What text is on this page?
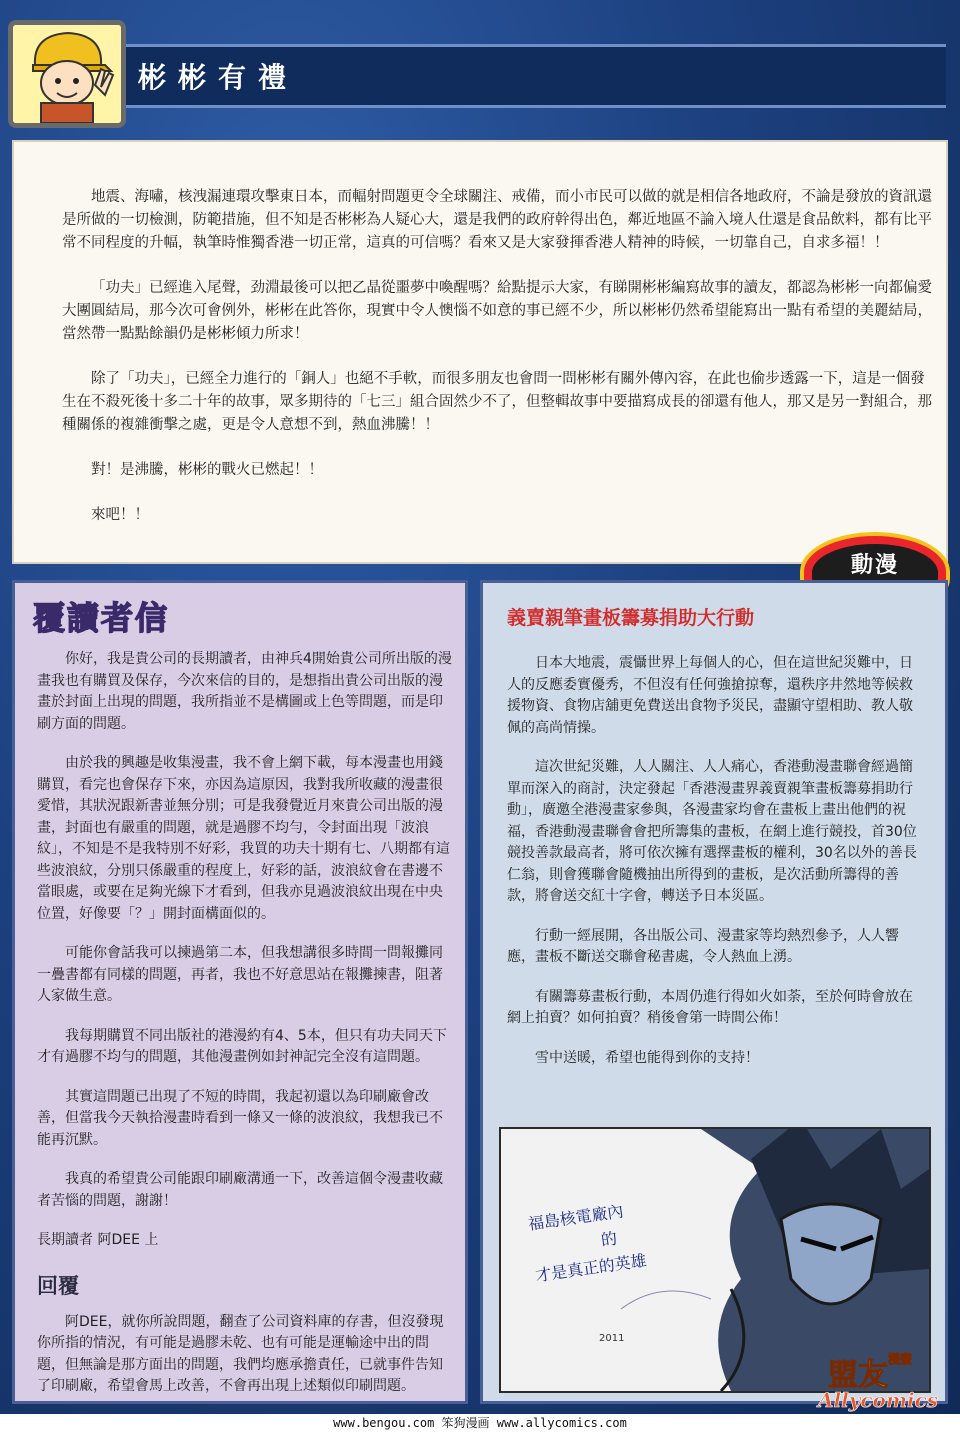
彬彬有禮

地震、海嘯，核洩漏連環攻擊東日本，而輻射問題更令全球關注、戒備，而小市民可以做的就是相信各地政府，不論是發放的資訊還是所做的一切檢測，防範措施，但不知是否彬彬為人疑心大，還是我們的政府幹得出色，鄰近地區不論入境人仕還是食品飲料，都有比平常不同程度的升幅，執筆時惟獨香港一切正常，這真的可信嗎？看來又是大家發揮香港人精神的時候，一切靠自己，自求多福！！

「功夫」已經進入尾聲，劲淵最後可以把乙晶從噩夢中喚醒嗎？給點提示大家，有睇開彬彬編寫故事的讀友，都認為彬彬一向都偏愛大團圓結局，那今次可會例外，彬彬在此答你，現實中令人懊惱不如意的事已經不少，所以彬彬仍然希望能寫出一點有希望的美麗結局，當然帶一點點餘韻仍是彬彬傾力所求！

除了「功夫」，已經全力進行的「銅人」也絕不手軟，而很多朋友也會問一問彬彬有關外傳內容，在此也偷步透露一下，這是一個發生在不殺死後十多二十年的故事，眾多期待的「七三」組合固然少不了，但整輯故事中要描寫成長的卻還有他人，那又是另一對組合，那種關係的複雜衝擊之處，更是令人意想不到，熱血沸騰！！

對！是沸騰，彬彬的戰火已燃起！！

來吧！！

動漫
覆讀者信

你好，我是貴公司的長期讀者，由神兵4開始貴公司所出版的漫畫我也有購買及保存，今次來信的目的，是想指出貴公司出版的漫畫於封面上出現的問題，我所指並不是構圖或上色等問題，而是印刷方面的問題。

由於我的興趣是收集漫畫，我不會上網下載，每本漫畫也用錢購買，看完也會保存下來，亦因為這原因，我對我所收藏的漫畫很愛惜，其狀況跟新書並無分別；可是我發覺近月來貴公司出版的漫畫，封面也有嚴重的問題，就是過膠不均勻，令封面出現「波浪紋」，不知是不是我特別不好彩，我買的功夫十期有七、八期都有這些波浪紋，分別只係嚴重的程度上，好彩的話，波浪紋會在書邊不當眼處，或要在足夠光線下才看到，但我亦見過波浪紋出現在中央位置，好像要「？」開封面構面似的。

可能你會話我可以揀過第二本，但我想講很多時間一問報攤同一疊書都有同樣的問題，再者，我也不好意思站在報攤揀書，阻著人家做生意。

我每期購買不同出版社的港漫約有4、5本，但只有功夫同天下才有過膠不均勻的問題，其他漫畫例如封神記完全沒有這問題。

其實這問題已出現了不短的時間，我起初還以為印刷廠會改善，但當我今天執拾漫畫時看到一條又一條的波浪紋，我想我已不能再沉默。

我真的希望貴公司能跟印刷廠溝通一下，改善這個令漫畫收藏者苦惱的問題，謝謝！

長期讀者 阿DEE 上

回覆

阿DEE，就你所說問題，翻查了公司資料庫的存書，但沒發現你所指的情況，有可能是過膠未乾、也有可能是運輸途中出的問題，但無論是那方面出的問題，我們均應承擔責任，已就事件告知了印刷廠，希望會馬上改善，不會再出現上述類似印刷問題。

義賣親筆畫板籌募捐助大行動

日本大地震，震懾世界上每個人的心，但在這世紀災難中，日人的反應委實優秀，不但沒有任何強搶掠奪，還秩序井然地等候救援物資、食物店舖更免費送出食物予災民，盡顯守望相助、教人敬佩的高尚情操。

這次世紀災難，人人關注、人人痛心，香港動漫畫聯會經過簡單而深入的商討，決定發起「香港漫畫界義賣親筆畫板籌募捐助行動」，廣邀全港漫畫家參與，各漫畫家均會在畫板上畫出他們的祝福，香港動漫畫聯會會把所籌集的畫板，在網上進行競投，首30位競投善款最高者，將可依次擁有選擇畫板的權利，30名以外的善長仁翁，則會獲聯會隨機抽出所得到的畫板，是次活動所籌得的善款，將會送交紅十字會，轉送予日本災區。

行動一經展開，各出版公司、漫畫家等均熱烈參予，人人響應，畫板不斷送交聯會秘書處，令人熱血上湧。

有關籌募畫板行動，本周仍進行得如火如荼，至於何時會放在網上拍賣？如何拍賣？稍後會第一時間公佈！

雪中送暖，希望也能得到你的支持！

福島核電廠內
的
才是真正的英雄
2011
盟友$^{漫畫}$
Allycomics
www.bengou.com 笨狗漫画 www.allycomics.com
